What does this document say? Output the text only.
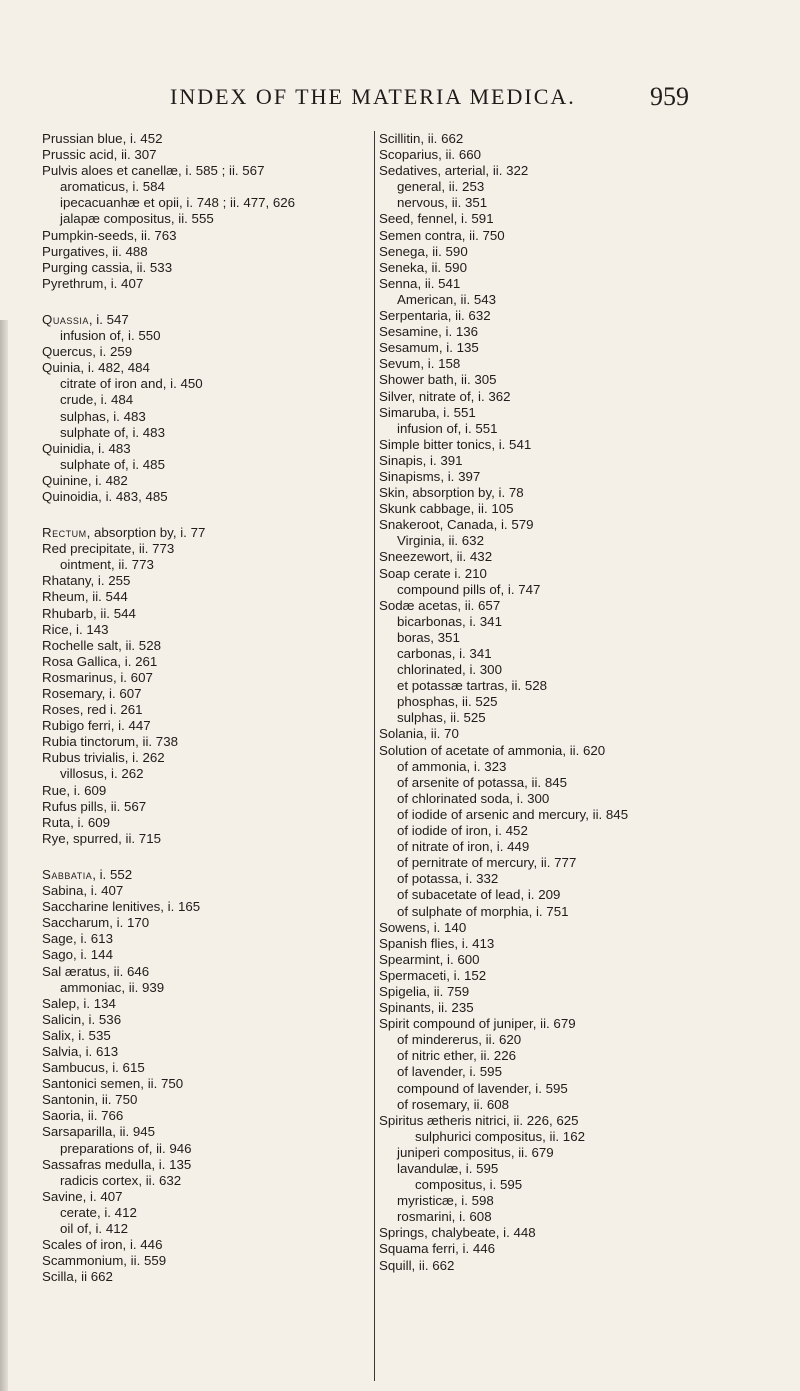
INDEX OF THE MATERIA MEDICA.	959
Prussian blue, i. 452
Prussic acid, ii. 307
Pulvis aloes et canellæ, i. 585 ; ii. 567
aromaticus, i. 584
ipecacuanhæ et opii, i. 748 ; ii. 477, 626
jalapæ compositus, ii. 555
Pumpkin-seeds, ii. 763
Purgatives, ii. 488
Purging cassia, ii. 533
Pyrethrum, i. 407
Quassia, i. 547
infusion of, i. 550
Quercus, i. 259
Quinia, i. 482, 484
citrate of iron and, i. 450
crude, i. 484
sulphas, i. 483
sulphate of, i. 483
Quinidia, i. 483
sulphate of, i. 485
Quinine, i. 482
Quinoidia, i. 483, 485
Rectum, absorption by, i. 77
Red precipitate, ii. 773
ointment, ii. 773
Rhatany, i. 255
Rheum, ii. 544
Rhubarb, ii. 544
Rice, i. 143
Rochelle salt, ii. 528
Rosa Gallica, i. 261
Rosmarinus, i. 607
Rosemary, i. 607
Roses, red i. 261
Rubigo ferri, i. 447
Rubia tinctorum, ii. 738
Rubus trivialis, i. 262
villosus, i. 262
Rue, i. 609
Rufus pills, ii. 567
Ruta, i. 609
Rye, spurred, ii. 715
Sabbatia, i. 552
Sabina, i. 407
Saccharine lenitives, i. 165
Saccharum, i. 170
Sage, i. 613
Sago, i. 144
Sal æratus, ii. 646
ammoniac, ii. 939
Salep, i. 134
Salicin, i. 536
Salix, i. 535
Salvia, i. 613
Sambucus, i. 615
Santonici semen, ii. 750
Santonin, ii. 750
Saoria, ii. 766
Sarsaparilla, ii. 945
preparations of, ii. 946
Sassafras medulla, i. 135
radicis cortex, ii. 632
Savine, i. 407
cerate, i. 412
oil of, i. 412
Scales of iron, i. 446
Scammonium, ii. 559
Scilla, ii 662
Scillitin, ii. 662
Scoparius, ii. 660
Sedatives, arterial, ii. 322
general, ii. 253
nervous, ii. 351
Seed, fennel, i. 591
Semen contra, ii. 750
Senega, ii. 590
Seneka, ii. 590
Senna, ii. 541
American, ii. 543
Serpentaria, ii. 632
Sesamine, i. 136
Sesamum, i. 135
Sevum, i. 158
Shower bath, ii. 305
Silver, nitrate of, i. 362
Simaruba, i. 551
infusion of, i. 551
Simple bitter tonics, i. 541
Sinapis, i. 391
Sinapisms, i. 397
Skin, absorption by, i. 78
Skunk cabbage, ii. 105
Snakeroot, Canada, i. 579
Virginia, ii. 632
Sneezewort, ii. 432
Soap cerate i. 210
compound pills of, i. 747
Sodæ acetas, ii. 657
bicarbonas, i. 341
boras, 351
carbonas, i. 341
chlorinated, i. 300
et potassæ tartras, ii. 528
phosphas, ii. 525
sulphas, ii. 525
Solania, ii. 70
Solution of acetate of ammonia, ii. 620
of ammonia, i. 323
of arsenite of potassa, ii. 845
of chlorinated soda, i. 300
of iodide of arsenic and mercury, ii. 845
of iodide of iron, i. 452
of nitrate of iron, i. 449
of pernitrate of mercury, ii. 777
of potassa, i. 332
of subacetate of lead, i. 209
of sulphate of morphia, i. 751
Sowens, i. 140
Spanish flies, i. 413
Spearmint, i. 600
Spermaceti, i. 152
Spigelia, ii. 759
Spinants, ii. 235
Spirit compound of juniper, ii. 679
of mindererus, ii. 620
of nitric ether, ii. 226
of lavender, i. 595
compound of lavender, i. 595
of rosemary, ii. 608
Spiritus ætheris nitrici, ii. 226, 625
sulphurici compositus, ii. 162
juniperi compositus, ii. 679
lavandulæ, i. 595
compositus, i. 595
myristicæ, i. 598
rosmarini, i. 608
Springs, chalybeate, i. 448
Squama ferri, i. 446
Squill, ii. 662
